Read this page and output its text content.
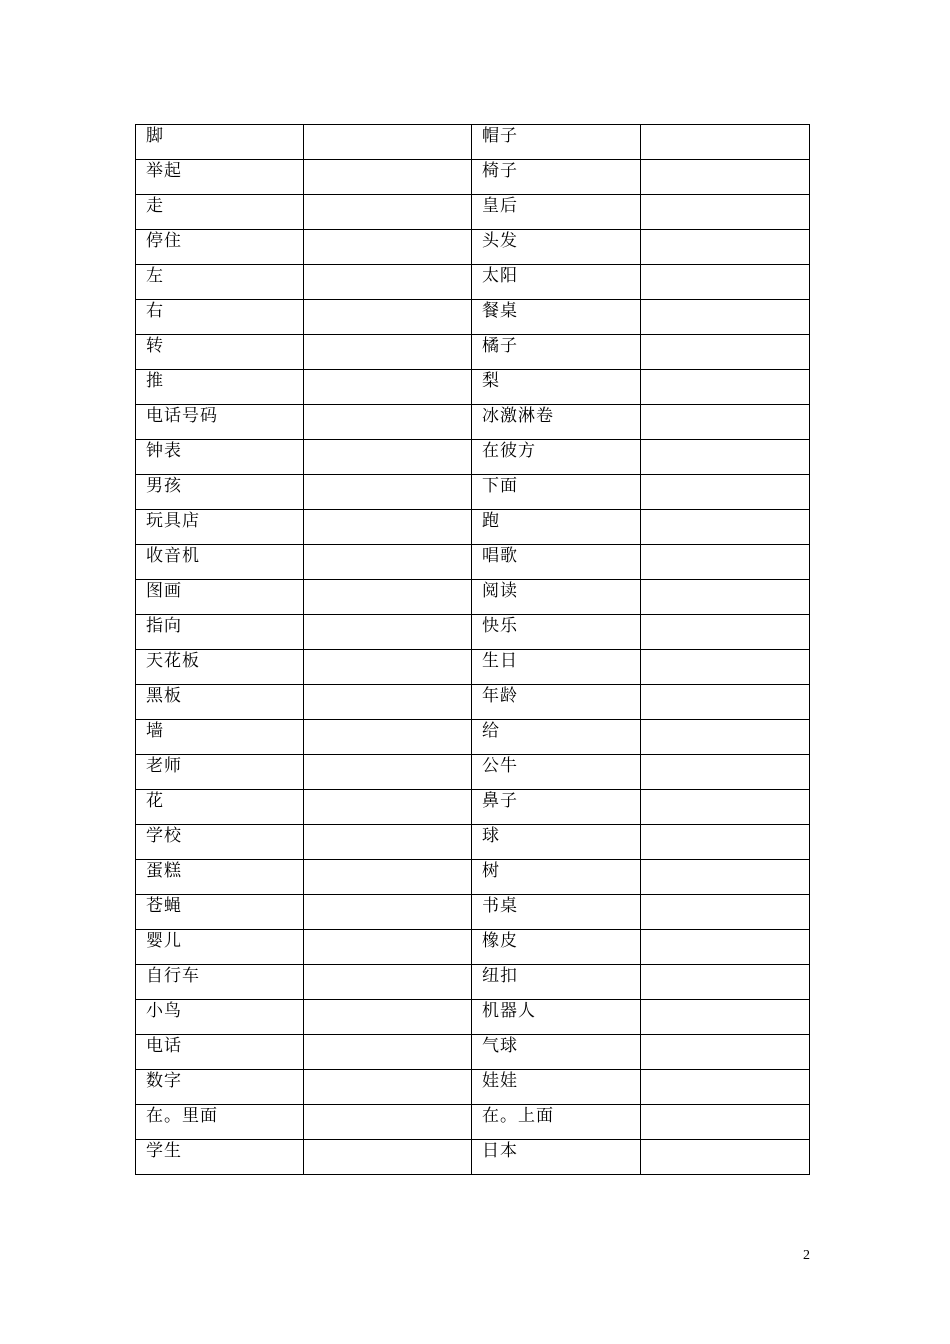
脚		帽子	

举起		椅子	

走		皇后	

停住		头发	

左		太阳	

右		餐桌	

转		橘子	

推		梨	

电话号码		冰激淋卷	

钟表		在彼方	

男孩		下面	

玩具店		跑	

收音机		唱歌	

图画		阅读	

指向		快乐	

天花板		生日	

黑板		年龄	

墙		给	

老师		公牛	

花		鼻子	

学校		球	

蛋糕		树	

苍蝇		书桌	

婴儿		橡皮	

自行车		纽扣	

小鸟		机器人	

电话		气球	

数字		娃娃	

在。里面		在。上面	

学生		日本	

2
